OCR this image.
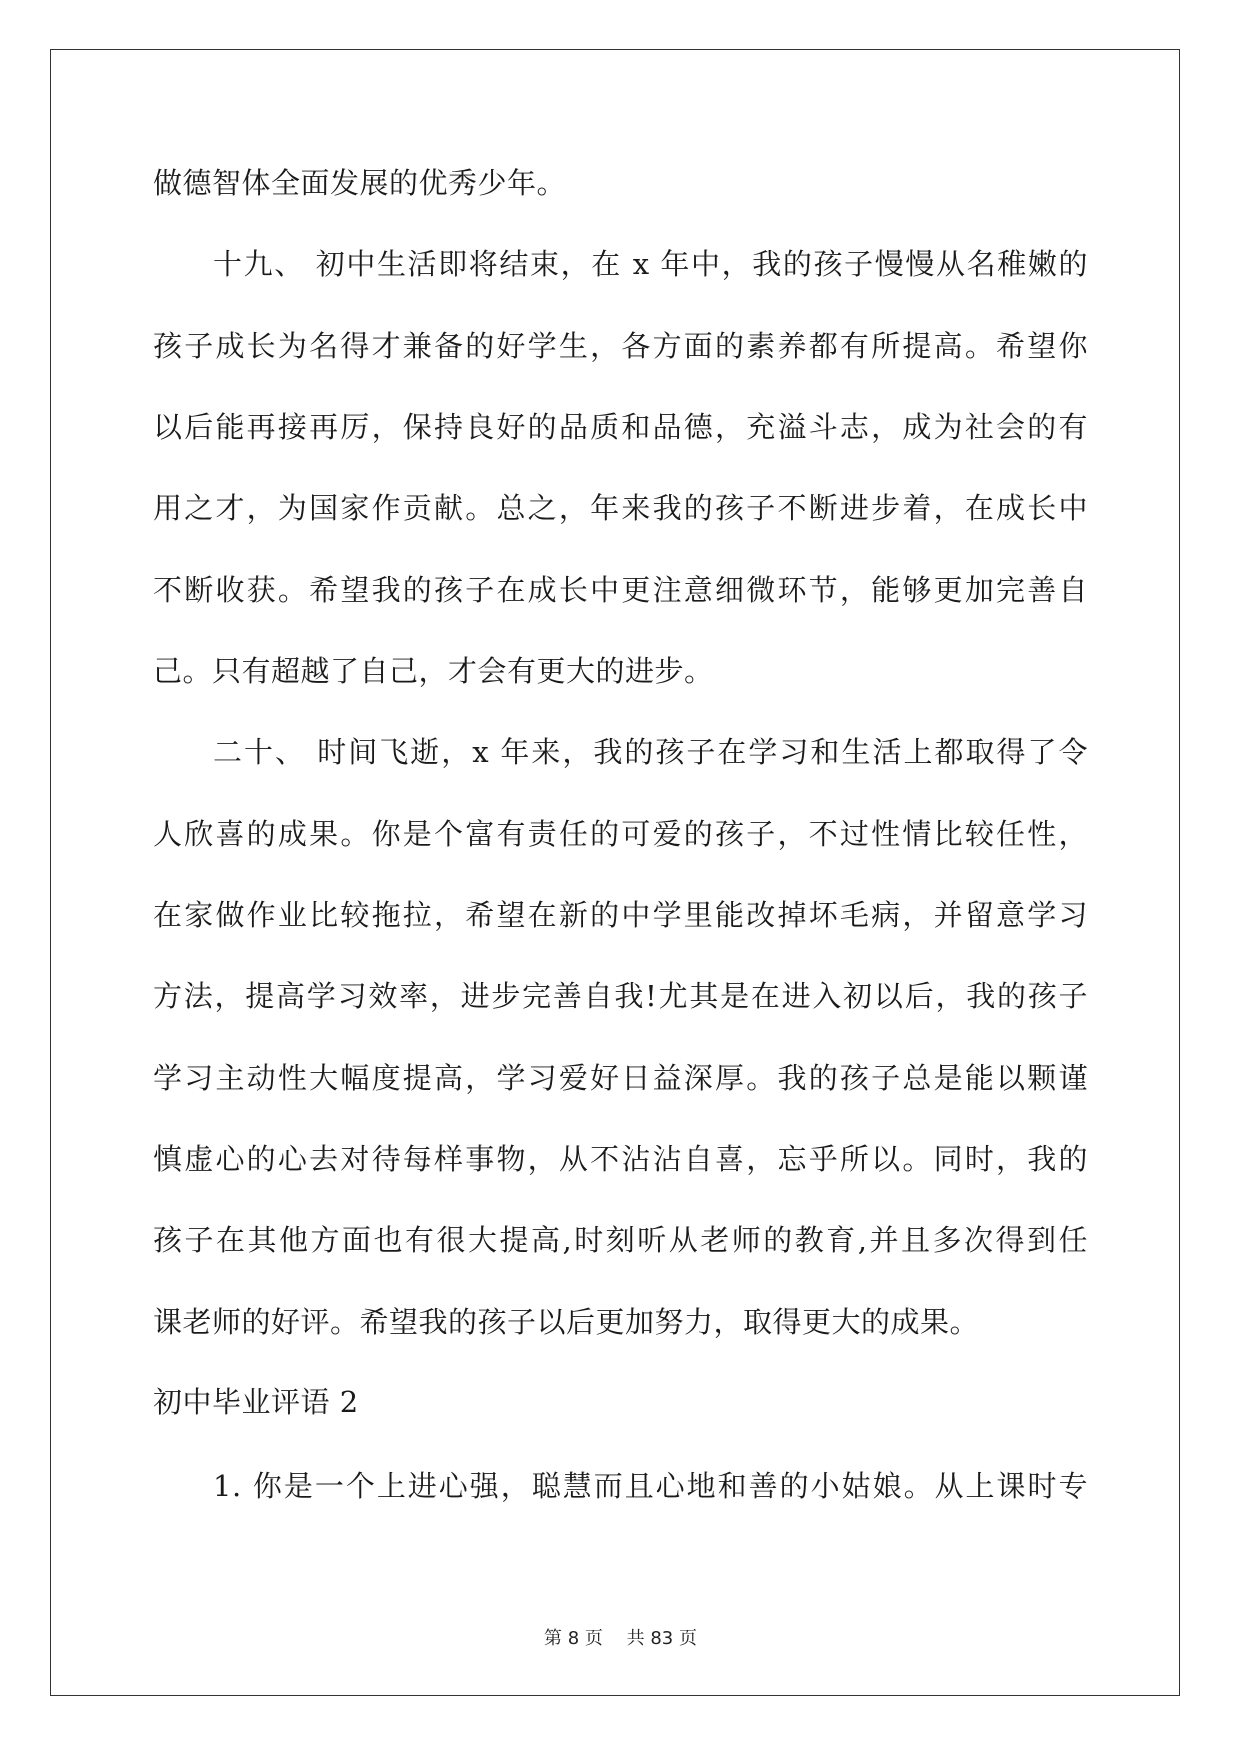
做德智体全面发展的优秀少年。
十九、 初中生活即将结束，在 x 年中，我的孩子慢慢从名稚嫩的
孩子成长为名得才兼备的好学生，各方面的素养都有所提高。希望你
以后能再接再厉，保持良好的品质和品德，充溢斗志，成为社会的有
用之才，为国家作贡献。总之，年来我的孩子不断进步着，在成长中
不断收获。希望我的孩子在成长中更注意细微环节，能够更加完善自
己。只有超越了自己，才会有更大的进步。
二十、 时间飞逝，x 年来，我的孩子在学习和生活上都取得了令
人欣喜的成果。你是个富有责任的可爱的孩子，不过性情比较任性，
在家做作业比较拖拉，希望在新的中学里能改掉坏毛病，并留意学习
方法，提高学习效率，进步完善自我!尤其是在进入初以后，我的孩子
学习主动性大幅度提高，学习爱好日益深厚。我的孩子总是能以颗谨
慎虚心的心去对待每样事物，从不沾沾自喜，忘乎所以。同时，我的
孩子在其他方面也有很大提高,时刻听从老师的教育,并且多次得到任
课老师的好评。希望我的孩子以后更加努力，取得更大的成果。
初中毕业评语 2
1. 你是一个上进心强，聪慧而且心地和善的小姑娘。从上课时专
第 8 页　 共 83 页
